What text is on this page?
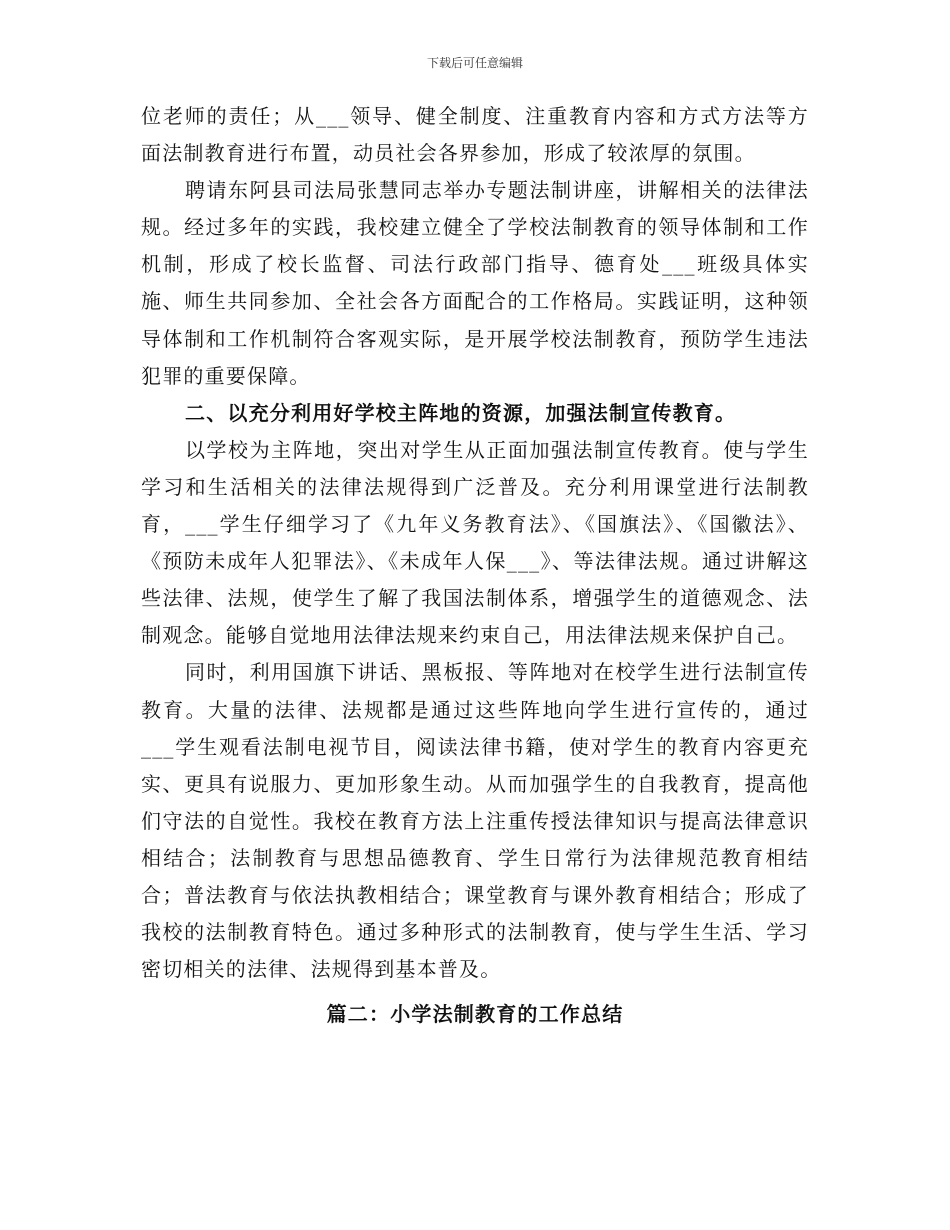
下载后可任意编辑

位老师的责任；从___领导、健全制度、注重教育内容和方式方法等方面法制教育进行布置，动员社会各界参加，形成了较浓厚的氛围。

聘请东阿县司法局张慧同志举办专题法制讲座，讲解相关的法律法规。经过多年的实践，我校建立健全了学校法制教育的领导体制和工作机制，形成了校长监督、司法行政部门指导、德育处___班级具体实施、师生共同参加、全社会各方面配合的工作格局。实践证明，这种领导体制和工作机制符合客观实际，是开展学校法制教育，预防学生违法犯罪的重要保障。

二、以充分利用好学校主阵地的资源，加强法制宣传教育。

以学校为主阵地，突出对学生从正面加强法制宣传教育。使与学生学习和生活相关的法律法规得到广泛普及。充分利用课堂进行法制教育，___学生仔细学习了《九年义务教育法》、《国旗法》、《国徽法》、《预防未成年人犯罪法》、《未成年人保___》、等法律法规。通过讲解这些法律、法规，使学生了解了我国法制体系，增强学生的道德观念、法制观念。能够自觉地用法律法规来约束自己，用法律法规来保护自己。

同时，利用国旗下讲话、黑板报、等阵地对在校学生进行法制宣传教育。大量的法律、法规都是通过这些阵地向学生进行宣传的，通过___学生观看法制电视节目，阅读法律书籍，使对学生的教育内容更充实、更具有说服力、更加形象生动。从而加强学生的自我教育，提高他们守法的自觉性。我校在教育方法上注重传授法律知识与提高法律意识相结合；法制教育与思想品德教育、学生日常行为法律规范教育相结合；普法教育与依法执教相结合；课堂教育与课外教育相结合；形成了我校的法制教育特色。通过多种形式的法制教育，使与学生生活、学习密切相关的法律、法规得到基本普及。

篇二：小学法制教育的工作总结
